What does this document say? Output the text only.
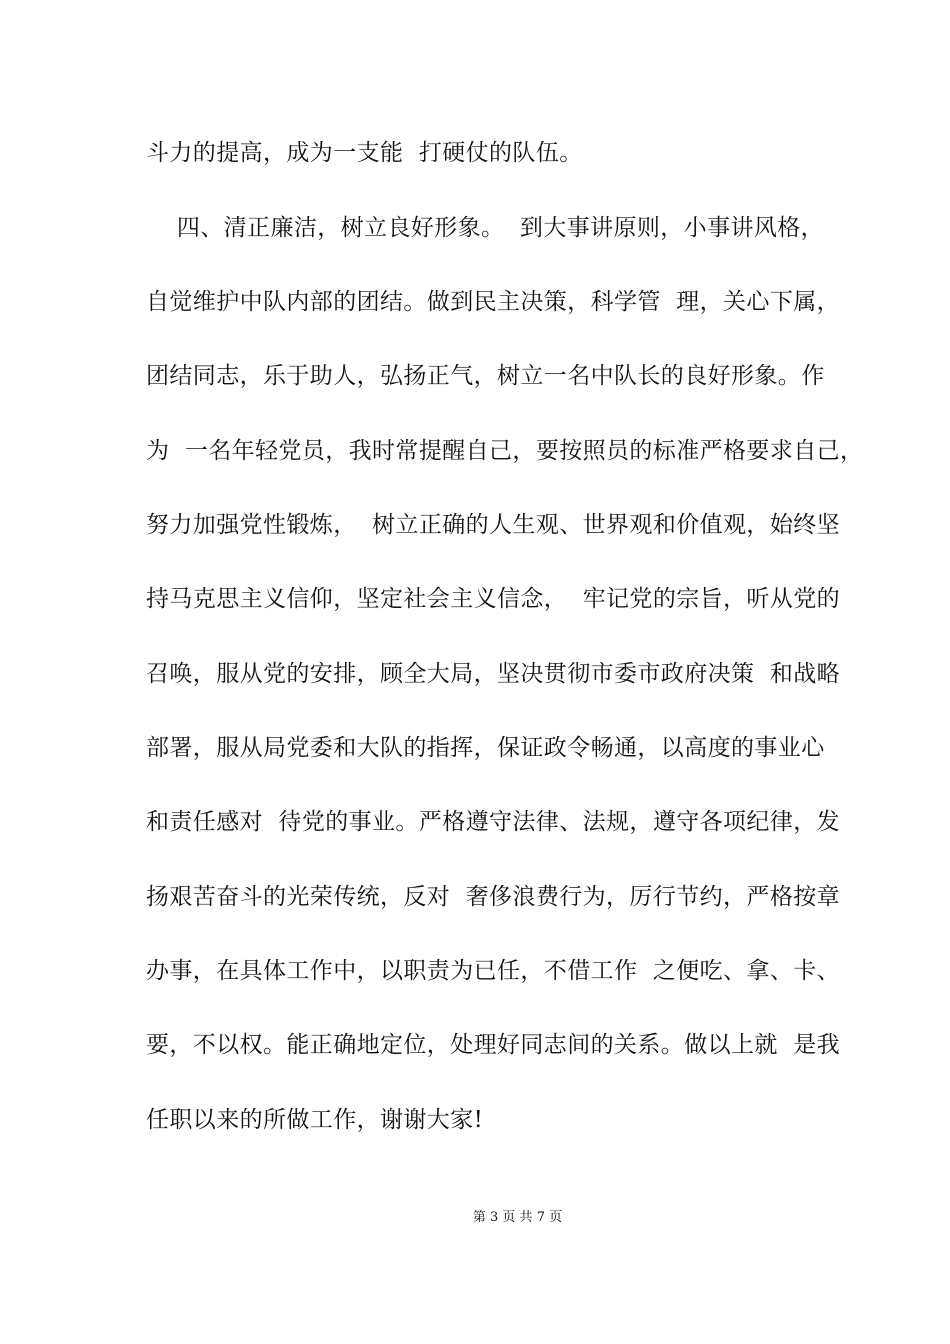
斗力的提高，成为一支能  打硬仗的队伍。
四、清正廉洁，树立良好形象。  到大事讲原则，小事讲风格，
自觉维护中队内部的团结。做到民主决策，科学管  理，关心下属，
团结同志，乐于助人，弘扬正气，树立一名中队长的良好形象。作
为  一名年轻党员，我时常提醒自己，要按照员的标准严格要求自己，
努力加强党性锻炼，  树立正确的人生观、世界观和价值观，始终坚
持马克思主义信仰，坚定社会主义信念，  牢记党的宗旨，听从党的
召唤，服从党的安排，顾全大局，坚决贯彻市委市政府决策  和战略
部署，服从局党委和大队的指挥，保证政令畅通，以高度的事业心
和责任感对  待党的事业。严格遵守法律、法规，遵守各项纪律，发
扬艰苦奋斗的光荣传统，反对  奢侈浪费行为，厉行节约，严格按章
办事，在具体工作中，以职责为已任，不借工作  之便吃、拿、卡、
要，不以权。能正确地定位，处理好同志间的关系。做以上就  是我
任职以来的所做工作，谢谢大家!
第 3 页 共 7 页
